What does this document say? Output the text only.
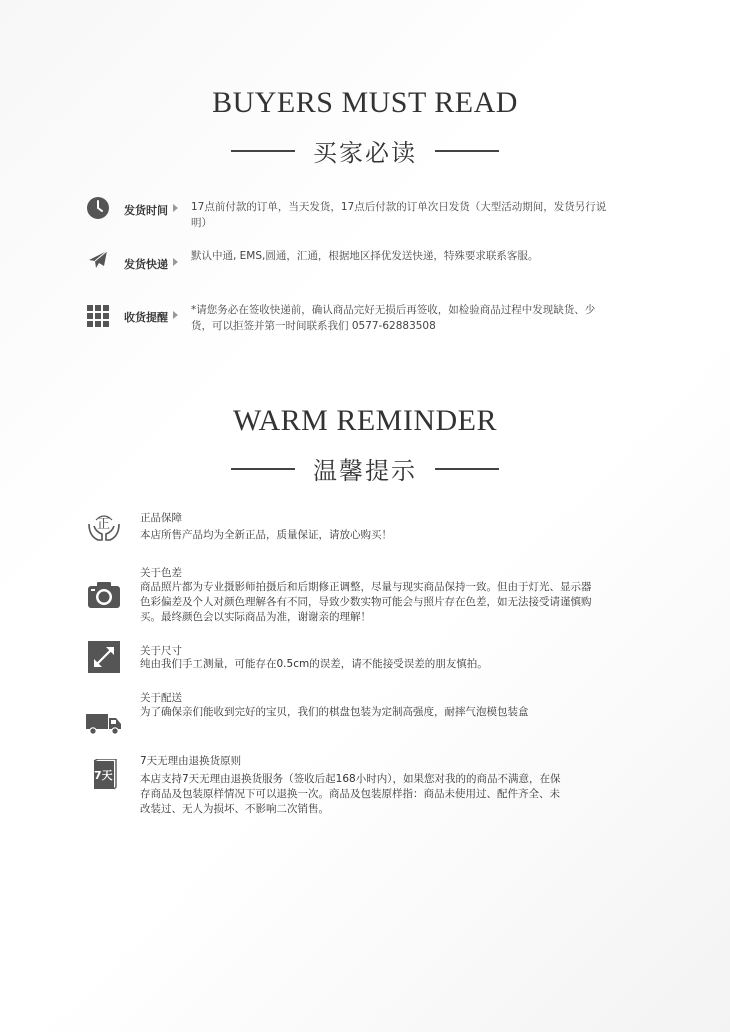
BUYERS MUST READ
买家必读
发货时间 17点前付款的订单，当天发货，17点后付款的订单次日发货（大型活动期间，发货另行说明）
发货快递
默认中通, EMS,圆通，汇通，根据地区择优发送快递，特殊要求联系客服。
收货提醒
*请您务必在签收快递前，确认商品完好无损后再签收，如检验商品过程中发现缺货、少货，可以拒签并第一时间联系我们 0577-62883508
WARM REMINDER
温馨提示
正	正品保障
本店所售产品均为全新正品，质量保证，请放心购买！
关于色差
商品照片都为专业摄影师拍摄后和后期修正调整，尽量与现实商品保持一致。但由于灯光、显示器色彩偏差及个人对颜色理解各有不同，导致少数实物可能会与照片存在色差，如无法接受请谨慎购买。最终颜色会以实际商品为准，谢谢亲的理解！
关于尺寸
纯由我们手工测量，可能存在0.5cm的误差，请不能接受误差的朋友慎拍。
关于配送
为了确保亲们能收到完好的宝贝，我们的棋盘包装为定制高强度，耐摔气泡模包装盒
7天
7天无理由退换货原则
本店支持7天无理由退换货服务（签收后起168小时内），如果您对我的的商品不满意，在保存商品及包装原样情况下可以退换一次。商品及包装原样指：商品未使用过、配件齐全、未改装过、无人为损坏、不影响二次销售。
